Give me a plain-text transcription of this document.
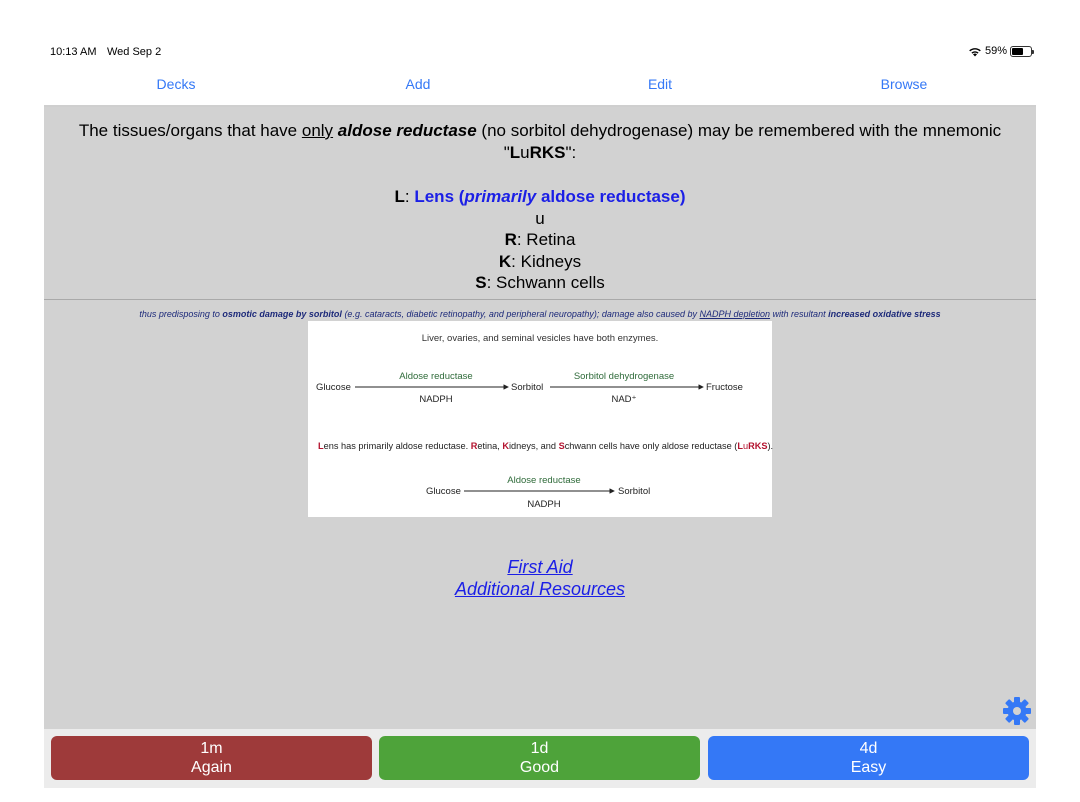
10:13 AM Wed Sep 2	59%
Decks	Add	Edit	Browse
The tissues/organs that have only aldose reductase (no sorbitol dehydrogenase) may be remembered with the mnemonic "LuRKS":
L: Lens (primarily aldose reductase)
u
R: Retina
K: Kidneys
S: Schwann cells
thus predisposing to osmotic damage by sorbitol (e.g. cataracts, diabetic retinopathy, and peripheral neuropathy); damage also caused by NADPH depletion with resultant increased oxidative stress
Liver, ovaries, and seminal vesicles have both enzymes.
Glucose
Aldose reductase
NADPH
Sorbitol
Sorbitol dehydrogenase
NAD⁺
Fructose
Lens has primarily aldose reductase. Retina, Kidneys, and Schwann cells have only aldose reductase (LuRKS).
Glucose
Aldose reductase
NADPH
Sorbitol
First Aid
Additional Resources
1m
Again
1d
Good
4d
Easy
